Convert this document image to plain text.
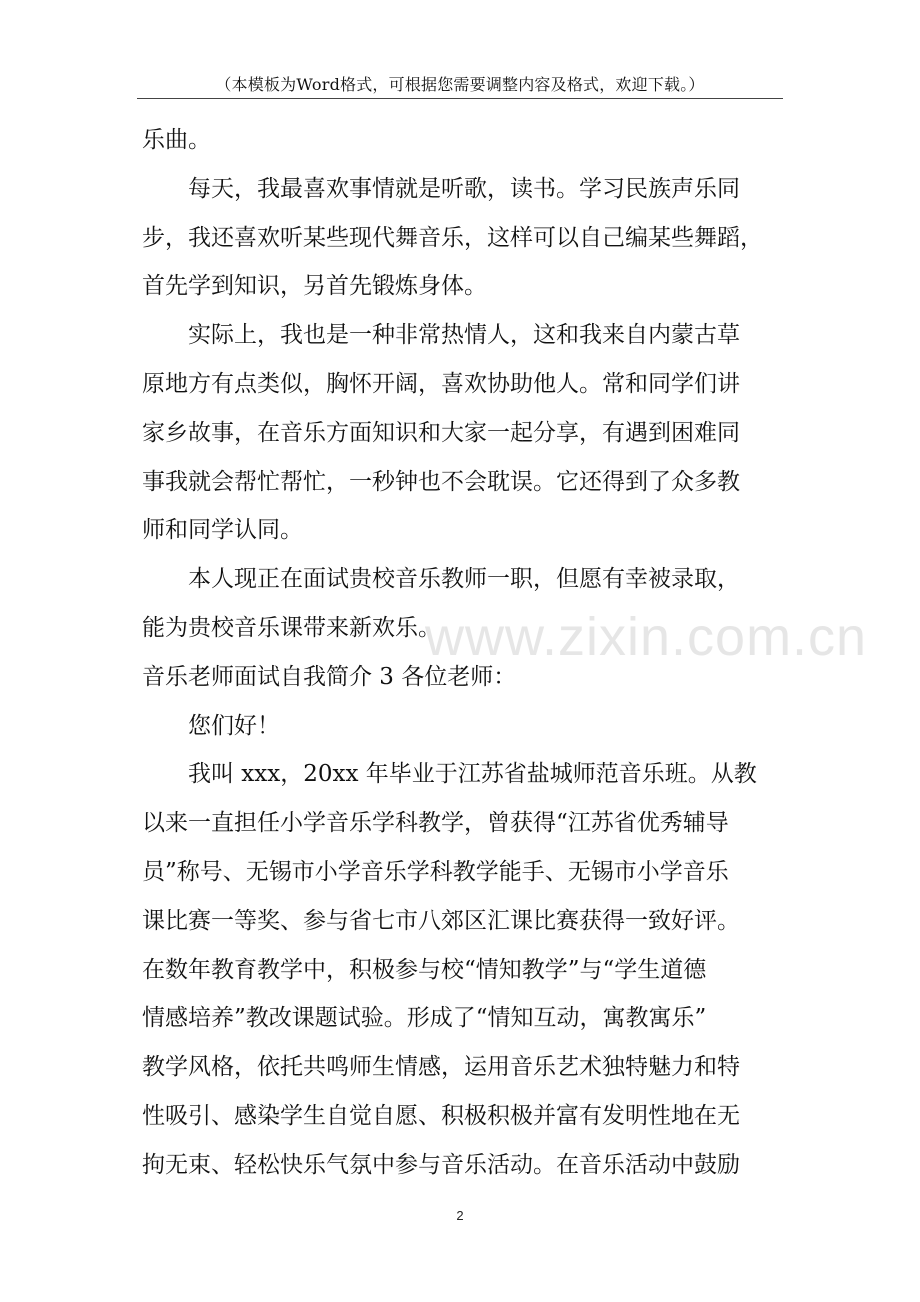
（本模板为Word格式，可根据您需要调整内容及格式，欢迎下载。）
www.zixin.com.cn
乐曲。
每天，我最喜欢事情就是听歌，读书。学习民族声乐同
步，我还喜欢听某些现代舞音乐，这样可以自己编某些舞蹈，
首先学到知识，另首先锻炼身体。
实际上，我也是一种非常热情人，这和我来自内蒙古草
原地方有点类似，胸怀开阔，喜欢协助他人。常和同学们讲
家乡故事，在音乐方面知识和大家一起分享，有遇到困难同
事我就会帮忙帮忙，一秒钟也不会耽误。它还得到了众多教
师和同学认同。
本人现正在面试贵校音乐教师一职，但愿有幸被录取，
能为贵校音乐课带来新欢乐。
音乐老师面试自我简介 3 各位老师：
您们好！
我叫 xxx，20xx 年毕业于江苏省盐城师范音乐班。从教
以来一直担任小学音乐学科教学，曾获得“江苏省优秀辅导
员”称号、无锡市小学音乐学科教学能手、无锡市小学音乐
课比赛一等奖、参与省七市八郊区汇课比赛获得一致好评。
在数年教育教学中，积极参与校“情知教学”与“学生道德
情感培养”教改课题试验。形成了“情知互动，寓教寓乐”
教学风格，依托共鸣师生情感，运用音乐艺术独特魅力和特
性吸引、感染学生自觉自愿、积极积极并富有发明性地在无
拘无束、轻松快乐气氛中参与音乐活动。在音乐活动中鼓励
2
